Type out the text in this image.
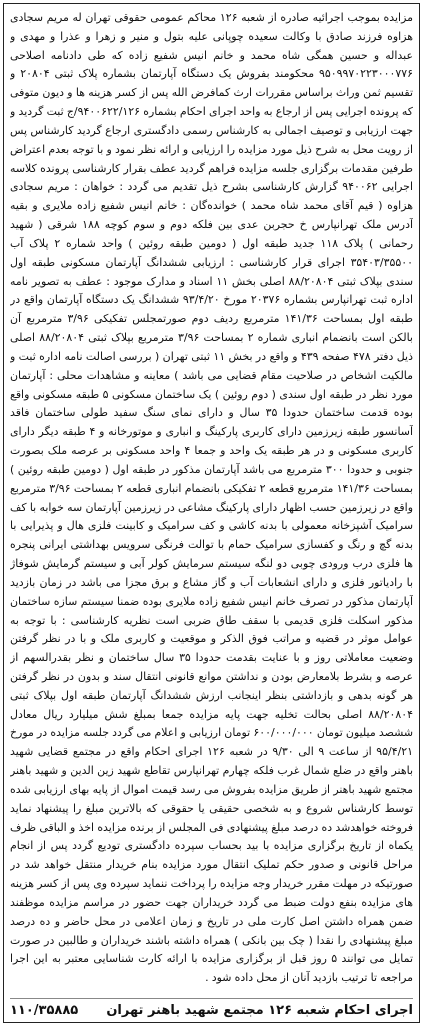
مزایده بموجب اجرائیه صادره از شعبه ۱۲۶ محاکم عمومی حقوقی تهران له مریم سجادی هزاوه فرزند صادق با وکالت سعیده چوپانی علیه بتول و منیر و زهرا و عذرا و مهدی و عبداله و حسین همگی شاه محمد و خانم انیس شفیع زاده که طی دادنامه اصلاحی ۹۵۰۹۹۷۰۲۲۳۰۰۰۷۷۶ محکومند بفروش یک دستگاه آپارتمان بشماره پلاک ثبتی ۲۰۸۰۴ و تقسیم ثمن وراث براساس مقررات ارث کمافرض الله پس از کسر هزینه ها و دیون متوفی که پرونده اجرایی پس از ارجاع به واحد اجرای احکام بشماره ۹۴۰۰۶۲۲/۱۲۶/ج ثبت گردید و جهت ارزیابی و توصیف اجمالی به کارشناس رسمی دادگستری ارجاع گردید کارشناس پس از رویت محل به شرح ذیل مورد مزایده را ارزیابی و ارائه نظر نمود و با توجه بعدم اعتراض طرفین مقدمات برگزاری جلسه مزایده فراهم گردید عطف بقرار کارشناسی پرونده کلاسه اجرایی ۹۴۰۰۶۲ گزارش کارشناسی بشرح ذیل تقدیم می گردد : خواهان : مریم سجادی هزاوه ( قیم آقای محمد شاه محمد ) خوانده‌گان : خانم انیس شفیع زاده ملایری و بقیه آدرس ملک تهرانپارس خ حجربن عدی بین فلکه دوم و سوم کوچه ۱۸۸ شرقی ( شهید رحمانی ) پلاک ۱۱۸ جدید طبقه اول ( دومین طبقه روئین ) واحد شماره ۲ پلاک آب ۳۵۴۰۳/۳۵۵۰۰ اجرای قرار کارشناسی : ارزیابی ششدانگ آپارتمان مسکونی طبقه اول سندی بپلاک ثبتی ۸۸/۲۰۸۰۴ اصلی بخش ۱۱ اسناد و مدارک موجود : عطف به تصویر نامه اداره ثبت تهرانپارس بشماره ۲۰۳۷۶ مورخ ۹۳/۴/۲۰ ششدانگ یک دستگاه آپارتمان واقع در طبقه اول بمساحت ۱۴۱/۳۶ مترمربع ردیف دوم صورتمجلس تفکیکی ۳/۹۶ مترمربع آن بالکن است بانضمام انباری شماره ۲ بمساحت ۳/۹۶ مترمربع بپلاک ثبتی ۸۸/۲۰۸۰۴ اصلی ذیل دفتر ۴۷۸ صفحه ۴۳۹ و واقع در بخش ۱۱ ثبتی تهران ( بررسی اصالت نامه اداره ثبت و مالکیت اشخاص در صلاحیت مقام قضایی می باشد ) معاینه و مشاهدات محلی : آپارتمان مورد نظر در طبقه اول سندی ( دوم روئین ) یک ساختمان مسکونی ۵ طبقه مسکونی واقع بوده قدمت ساختمان حدودا ۳۵ سال و دارای نمای سنگ سفید طولی ساختمان فاقد آسانسور طبقه زیرزمین دارای کاربری پارکینگ و انباری و موتورخانه و ۴ طبقه دیگر دارای کاربری مسکونی و در هر طبقه یک واحد و جمعا ۴ واحد مسکونی بر عرصه ملک بصورت جنوبی و حدودا ۳۰۰ مترمربع می باشد آپارتمان مذکور در طبقه اول ( دومین طبقه روئین ) بمساحت ۱۴۱/۳۶ مترمربع قطعه ۲ تفکیکی بانضمام انباری قطعه ۲ بمساحت ۳/۹۶ مترمربع واقع در زیرزمین حسب اظهار دارای پارکینگ مشاعی در زیرزمین آپارتمان سه خوابه با کف سرامیک آشپزخانه معمولی با بدنه کاشی و کف سرامیک و کابینت فلزی هال و پذیرایی با بدنه گچ و رنگ و کفسازی سرامیک حمام با توالت فرنگی سرویس بهداشتی ایرانی پنجره ها فلزی درب ورودی چوبی دو لنگه سیستم سرمایش کولر آبی و سیستم گرمایش شوفاژ با رادیاتور فلزی و دارای انشعابات آب و گاز مشاع و برق مجزا می باشد در زمان بازدید آپارتمان مذکور در تصرف خانم انیس شفیع زاده ملایری بوده ضمنا سیستم سازه ساختمان مذکور اسکلت فلزی قدیمی با سقف طاق ضربی است نظریه کارشناسی : با توجه به عوامل موثر در قضیه و مراتب فوق الذکر و موقعیت و کاربری ملک و با در نظر گرفتن وضعیت معاملاتی روز و با عنایت بقدمت حدودا ۳۵ سال ساختمان و نظر بقدرالسهم از عرصه و بشرط بلامعارض بودن و نداشتن موانع قانونی انتقال سند و بدون در نظر گرفتن هر گونه بدهی و بازداشتی بنظر اینجانب ارزش ششدانگ آپارتمان طبقه اول بپلاک ثبتی ۸۸/۲۰۸۰۴ اصلی بحالت تخلیه جهت پایه مزایده جمعا بمبلغ شش میلیارد ریال معادل ششصد میلیون تومان ۶۰۰/۰۰۰/۰۰۰ تومان ارزیابی و اعلام می گردد جلسه مزایده در مورخ ۹۵/۴/۲۱ از ساعت ۹ الی ۹/۳۰ در شعبه ۱۲۶ اجرای احکام واقع در مجتمع قضایی شهید باهنر واقع در ضلع شمال غرب فلکه چهارم تهرانپارس تقاطع شهید زین الدین و شهید باهنر مجتمع شهید باهنر از طریق مزایده بفروش می رسد قیمت اموال از پایه بهای ارزیابی شده توسط کارشناس شروع و به شخصی حقیقی یا حقوقی که بالاترین مبلغ را پیشنهاد نماید فروخته خواهدشد ده درصد مبلغ پیشنهادی فی المجلس از برنده مزایده اخذ و الباقی ظرف یکماه از تاریخ برگزاری مزایده با بید بحساب سپرده دادگستری تودیع گردد پس از انجام مراحل قانونی و صدور حکم تملیک انتقال مورد مزایده بنام خریدار منتقل خواهد شد در صورتیکه در مهلت مقرر خریدار وجه مزایده را پرداخت ننماید سپرده وی پس از کسر هزینه های مزایده بنفع دولت ضبط می گردد خریداران جهت حضور در مراسم مزایده موظفند ضمن همراه داشتن اصل کارت ملی در تاریخ و زمان اعلامی در محل حاضر و ده درصد مبلغ پیشنهادی را نقدا ( چک بین بانکی ) همراه داشته باشند خریداران و طالبین در صورت تمایل می توانند ۵ روز قبل از برگزاری مزایده با ارائه کارت شناسایی معتبر به این اجرا مراجعه تا ترتیب بازدید آنان از محل داده شود .

اجرای احکام شعبه ۱۲۶ مجتمع شهید باهنر تهران
۱۱۰/۳۵۸۸۵
